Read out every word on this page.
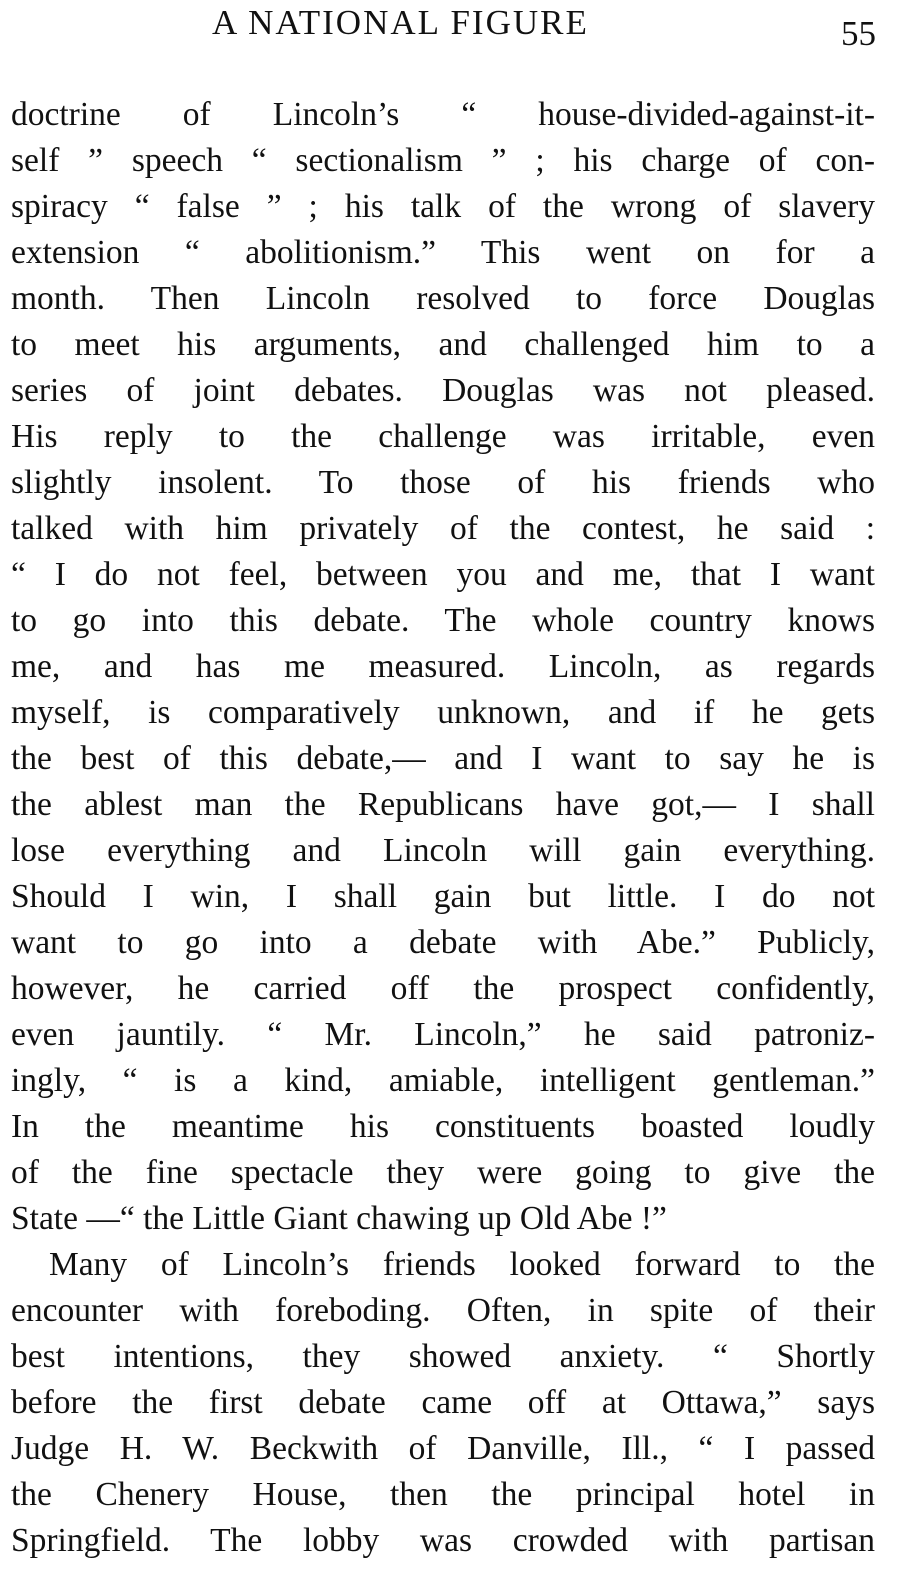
A NATIONAL FIGURE	55
doctrine of Lincoln’s “ house-divided-against-it-
self ” speech “ sectionalism ” ; his charge of con-
spiracy “ false ” ; his talk of the wrong of slavery
extension “ abolitionism.” This went on for a
month. Then Lincoln resolved to force Douglas
to meet his arguments, and challenged him to a
series of joint debates. Douglas was not pleased.
His reply to the challenge was irritable, even
slightly insolent. To those of his friends who
talked with him privately of the contest, he said :
“ I do not feel, between you and me, that I want
to go into this debate. The whole country knows
me, and has me measured. Lincoln, as regards
myself, is comparatively unknown, and if he gets
the best of this debate,— and I want to say he is
the ablest man the Republicans have got,— I shall
lose everything and Lincoln will gain everything.
Should I win, I shall gain but little. I do not
want to go into a debate with Abe.” Publicly,
however, he carried off the prospect confidently,
even jauntily. “ Mr. Lincoln,” he said patroniz-
ingly, “ is a kind, amiable, intelligent gentleman.”
In the meantime his constituents boasted loudly
of the fine spectacle they were going to give the
State —“ the Little Giant chawing up Old Abe !”
Many of Lincoln’s friends looked forward to the
encounter with foreboding. Often, in spite of their
best intentions, they showed anxiety. “ Shortly
before the first debate came off at Ottawa,” says
Judge H. W. Beckwith of Danville, Ill., “ I passed
the Chenery House, then the principal hotel in
Springfield. The lobby was crowded with partisan
